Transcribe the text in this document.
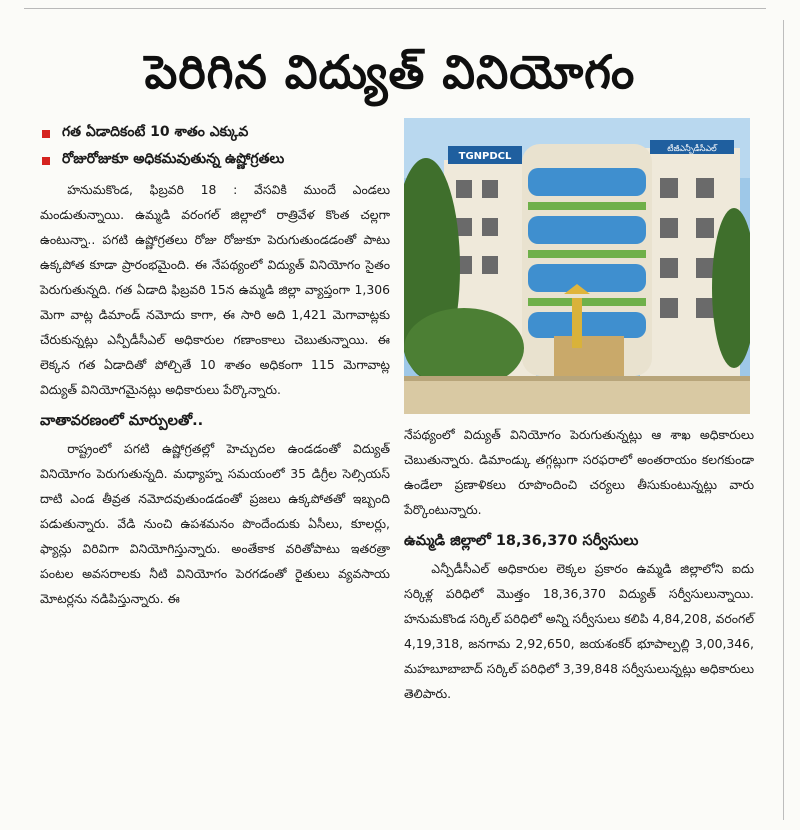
పెరిగిన విద్యుత్ వినియోగం
గత ఏడాదికంటే 10 శాతం ఎక్కువ
రోజురోజుకూ అధికమవుతున్న ఉష్ణోగ్రతలు

హనుమకొండ, ఫిబ్రవరి 18 : వేసవికి ముందే ఎండలు మండుతున్నాయి. ఉమ్మడి వరంగల్ జిల్లాలో రాత్రివేళ కొంత చల్లగా ఉంటున్నా.. పగటి ఉష్ణోగ్రతలు రోజు రోజుకూ పెరుగుతుండడంతో పాటు ఉక్కపోత కూడా ప్రారంభమైంది. ఈ నేపథ్యంలో విద్యుత్ వినియోగం సైతం పెరుగుతున్నది. గత ఏడాది ఫిబ్రవరి 15న ఉమ్మడి జిల్లా వ్యాప్తంగా 1,306 మెగా వాట్ల డిమాండ్ నమోదు కాగా, ఈ సారి అది 1,421 మెగావాట్లకు చేరుకున్నట్లు ఎన్పీడీసీఎల్ అధికారుల గణాంకాలు చెబుతున్నాయి. ఈ లెక్కన గత ఏడాదితో పోల్చితే 10 శాతం అధికంగా 115 మెగావాట్ల విద్యుత్ వినియోగమైనట్లు అధికారులు పేర్కొన్నారు.

వాతావరణంలో మార్పులతో..

రాష్ట్రంలో పగటి ఉష్ణోగ్రతల్లో హెచ్చుదల ఉండడంతో విద్యుత్ వినియోగం పెరుగుతున్నది. మధ్యాహ్న సమయంలో 35 డిగ్రీల సెల్సియస్ దాటి ఎండ తీవ్రత నమోదవుతుండడంతో ప్రజలు ఉక్కపోతతో ఇబ్బంది పడుతున్నారు. వేడి నుంచి ఉపశమనం పొందేందుకు ఏసీలు, కూలర్లు, ఫ్యాన్లు విరివిగా వినియోగిస్తున్నారు. అంతేకాక వరితోపాటు ఇతరత్రా పంటల అవసరాలకు నీటి వినియోగం పెరగడంతో రైతులు వ్యవసాయ మోటర్లను నడిపిస్తున్నారు. ఈ

TGNPDCL
టీజీఎన్పీడీసీఎల్

నేపథ్యంలో విద్యుత్ వినియోగం పెరుగుతున్నట్లు ఆ శాఖ అధికారులు చెబుతున్నారు. డిమాండ్కు తగ్గట్లుగా సరఫరాలో అంతరాయం కలగకుండా ఉండేలా ప్రణాళికలు రూపొందించి చర్యలు తీసుకుంటున్నట్లు వారు పేర్కొంటున్నారు.

ఉమ్మడి జిల్లాలో 18,36,370 సర్వీసులు

ఎన్పీడీసీఎల్ అధికారుల లెక్కల ప్రకారం ఉమ్మడి జిల్లాలోని ఐదు సర్కిళ్ల పరిధిలో మొత్తం 18,36,370 విద్యుత్ సర్వీసులున్నాయి. హనుమకొండ సర్కిల్ పరిధిలో అన్ని సర్వీసులు కలిపి 4,84,208, వరంగల్ 4,19,318, జనగామ 2,92,650, జయశంకర్ భూపాల్పల్లి 3,00,346, మహబూబాబాద్ సర్కిల్ పరిధిలో 3,39,848 సర్వీసులున్నట్లు అధికారులు తెలిపారు.
